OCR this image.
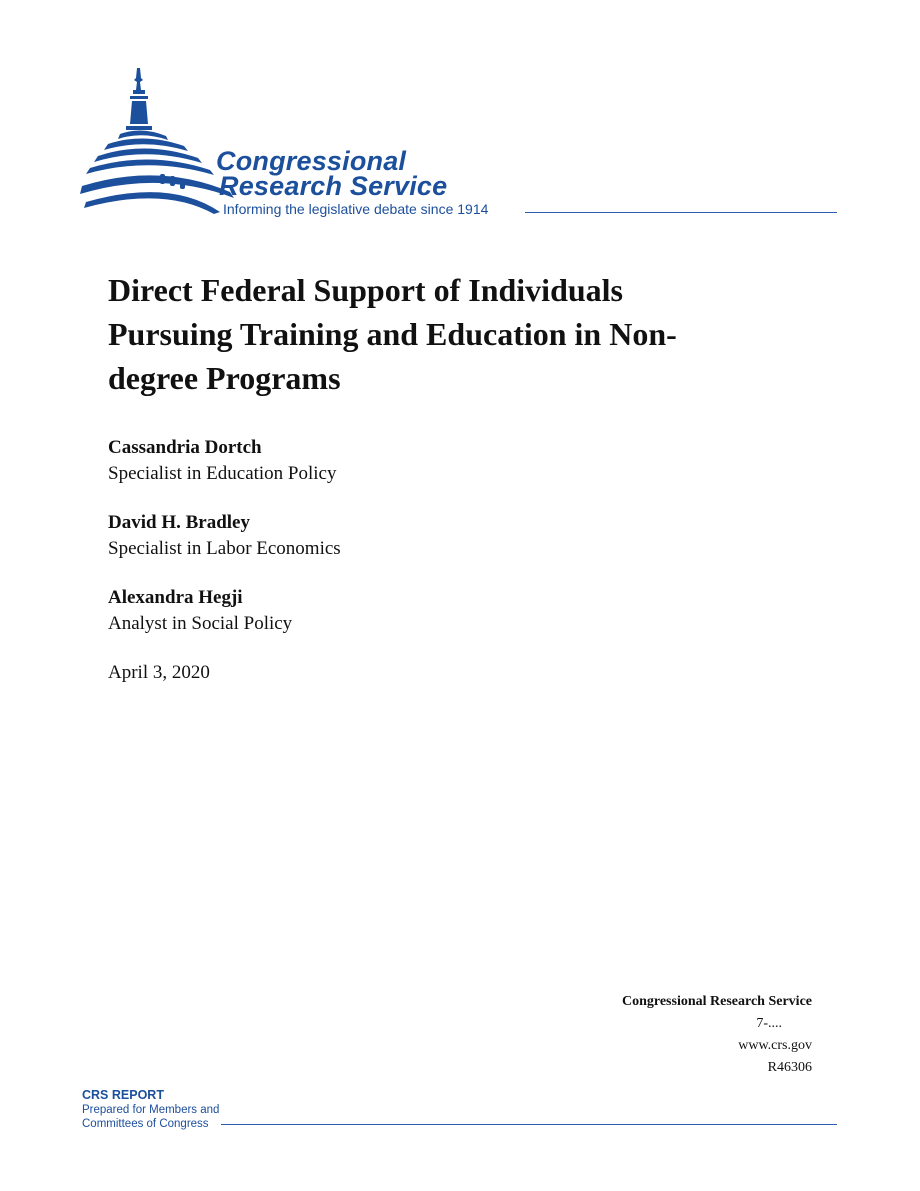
Congressional
Research Service
Informing the legislative debate since 1914
Direct Federal Support of Individuals
Pursuing Training and Education in Non-
degree Programs
Cassandria Dortch
Specialist in Education Policy
David H. Bradley
Specialist in Labor Economics
Alexandra Hegji
Analyst in Social Policy
April 3, 2020
Congressional Research Service
7-....
www.crs.gov
R46306
CRS REPORT
Prepared for Members and
Committees of Congress
